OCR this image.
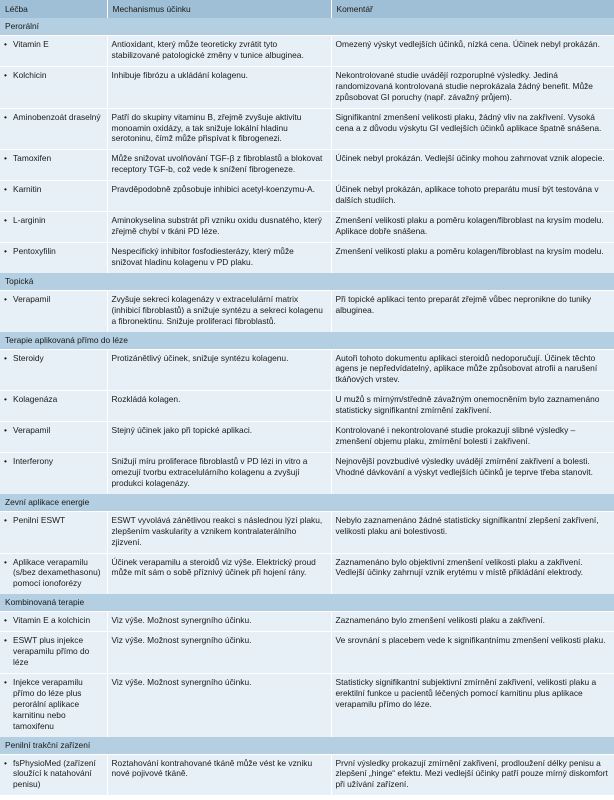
Léčba	Mechanismus účinku	Komentář
Perorální		

• Vitamin E	Antioxidant, který může teoreticky zvrátit tyto stabilizované patologické změny v tunice albuginea.	Omezený výskyt vedlejších účinků, nízká cena. Účinek nebyl prokázán.

• Kolchicin	Inhibuje fibrózu a ukládání kolagenu.	Nekontrolované studie uvádějí rozporuplné výsledky. Jediná randomizovaná kontrolovaná studie neprokázala žádný benefit. Může způsobovat GI poruchy (např. závažný průjem).

• Aminobenzoát draselný	Patří do skupiny vitaminu B, zřejmě zvyšuje aktivitu monoamin oxidázy, a tak snižuje lokální hladinu serotoninu, čímž může přispívat k fibrogenezi.	Signifikantní zmenšení velikosti plaku, žádný vliv na zakřivení. Vysoká cena a z důvodu výskytu GI vedlejších účinků aplikace špatně snášena.

• Tamoxifen	Může snižovat uvolňování TGF-β z fibroblastů a blokovat receptory TGF-b, což vede k snížení fibrogeneze.	Účinek nebyl prokázán. Vedlejší účinky mohou zahrnovat vznik alopecie.

• Karnitin	Pravděpodobně způsobuje inhibici acetyl-koenzymu-A.	Účinek nebyl prokázán, aplikace tohoto preparátu musí být testována v dalších studiích.

• L-arginin	Aminokyselina substrát při vzniku oxidu dusnatého, který zřejmě chybí v tkáni PD léze.	Zmenšení velikosti plaku a poměru kolagen/fibroblast na krysím modelu. Aplikace dobře snášena.

• Pentoxyfilin	Nespecifický inhibitor fosfodiesterázy, který může snižovat hladinu kolagenu v PD plaku.	Zmenšení velikosti plaku a poměru kolagen/fibroblast na krysím modelu.
Topická		

• Verapamil	Zvyšuje sekreci kolagenázy v extracelulární matrix (inhibicí fibroblastů) a snižuje syntézu a sekreci kolagenu a fibronektinu. Snižuje proliferaci fibroblastů.	Při topické aplikaci tento preparát zřejmě vůbec nepronikne do tuniky albuginea.
Terapie aplikovaná přímo do léze		

• Steroidy	Protizánětlivý účinek, snižuje syntézu kolagenu.	Autoři tohoto dokumentu aplikaci steroidů nedoporučují. Účinek těchto agens je nepředvídatelný, aplikace může způsobovat atrofii a narušení tkáňových vrstev.

• Kolagenáza	Rozkládá kolagen.	U mužů s mírným/středně závažným onemocněním bylo zaznamenáno statisticky signifikantní zmírnění zakřivení.

• Verapamil	Stejný účinek jako při topické aplikaci.	Kontrolované i nekontrolované studie prokazují slibné výsledky – zmenšení objemu plaku, zmírnění bolesti i zakřivení.

• Interferony	Snižují míru proliferace fibroblastů v PD lézi in vitro a omezují tvorbu extracelulárního kolagenu a zvyšují produkci kolagenázy.	Nejnovější povzbudivé výsledky uvádějí zmírnění zakřivení a bolesti. Vhodné dávkování a výskyt vedlejších účinků je teprve třeba stanovit.
Zevní aplikace energie		

• Penilní ESWT	ESWT vyvolává zánětlivou reakci s následnou lýzí plaku, zlepšením vaskularity a vznikem kontralaterálního zjizvení.	Nebylo zaznamenáno žádné statisticky signifikantní zlepšení zakřivení, velikosti plaku ani bolestivosti.

• Aplikace verapamilu (s/bez dexamethasonu) pomocí ionoforézy	Účinek verapamilu a steroidů viz výše. Elektrický proud může mít sám o sobě příznivý účinek při hojení rány.	Zaznamenáno bylo objektivní zmenšení velikosti plaku a zakřivení. Vedlejší účinky zahrnují vznik erytému v místě přikládání elektrody.
Kombinovaná terapie		

• Vitamin E a kolchicin	Viz výše. Možnost synergního účinku.	Zaznamenáno bylo zmenšení velikosti plaku a zakřivení.

• ESWT plus injekce verapamilu přímo do léze	Viz výše. Možnost synergního účinku.	Ve srovnání s placebem vede k signifikantnímu zmenšení velikosti plaku.

• Injekce verapamilu přímo do léze plus perorální aplikace karnitinu nebo tamoxifenu	Viz výše. Možnost synergního účinku.	Statisticky signifikantní subjektivní zmírnění zakřivení, velikosti plaku a erektilní funkce u pacientů léčených pomocí karnitinu plus aplikace verapamilu přímo do léze.
Penilní trakční zařízení		

• fsPhysioMed (zařízení sloužící k natahování penisu)	Roztahování kontrahované tkáně může vést ke vzniku nové pojivové tkáně.	První výsledky prokazují zmírnění zakřivení, prodloužení délky penisu a zlepšení „hinge“ efektu. Mezi vedlejší účinky patří pouze mírný diskomfort při užívání zařízení.
